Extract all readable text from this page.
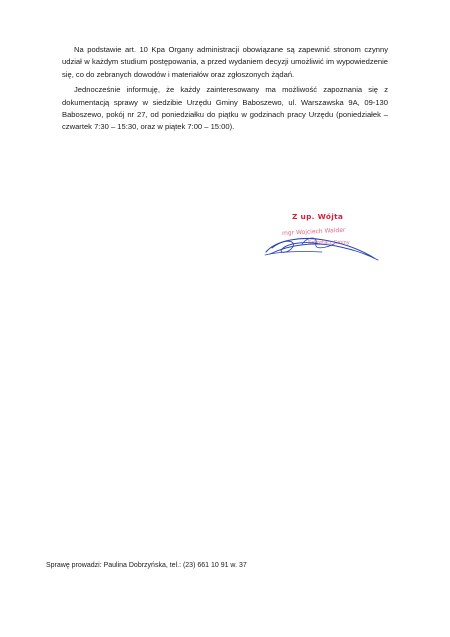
Na podstawie art. 10 Kpa Organy administracji obowiązane są zapewnić stronom czynny udział w każdym studium postępowania, a przed wydaniem decyzji umożliwić im wypowiedzenie się, co do zebranych dowodów i materiałów oraz zgłoszonych żądań.

Jednocześnie informuję, że każdy zainteresowany ma możliwość zapoznania się z dokumentacją sprawy w siedzibie Urzędu Gminy Baboszewo, ul. Warszawska 9A, 09-130 Baboszewo, pokój nr 27, od poniedziałku do piątku w godzinach pracy Urzędu (poniedziałek – czwartek 7:30 – 15:30, oraz w piątek 7:00 – 15:00).

Z up. Wójta
mgr Wojciech Walder
Sekretarz Gminy
Sprawę prowadzi: Paulina Dobrzyńska, tel.: (23) 661 10 91 w. 37
